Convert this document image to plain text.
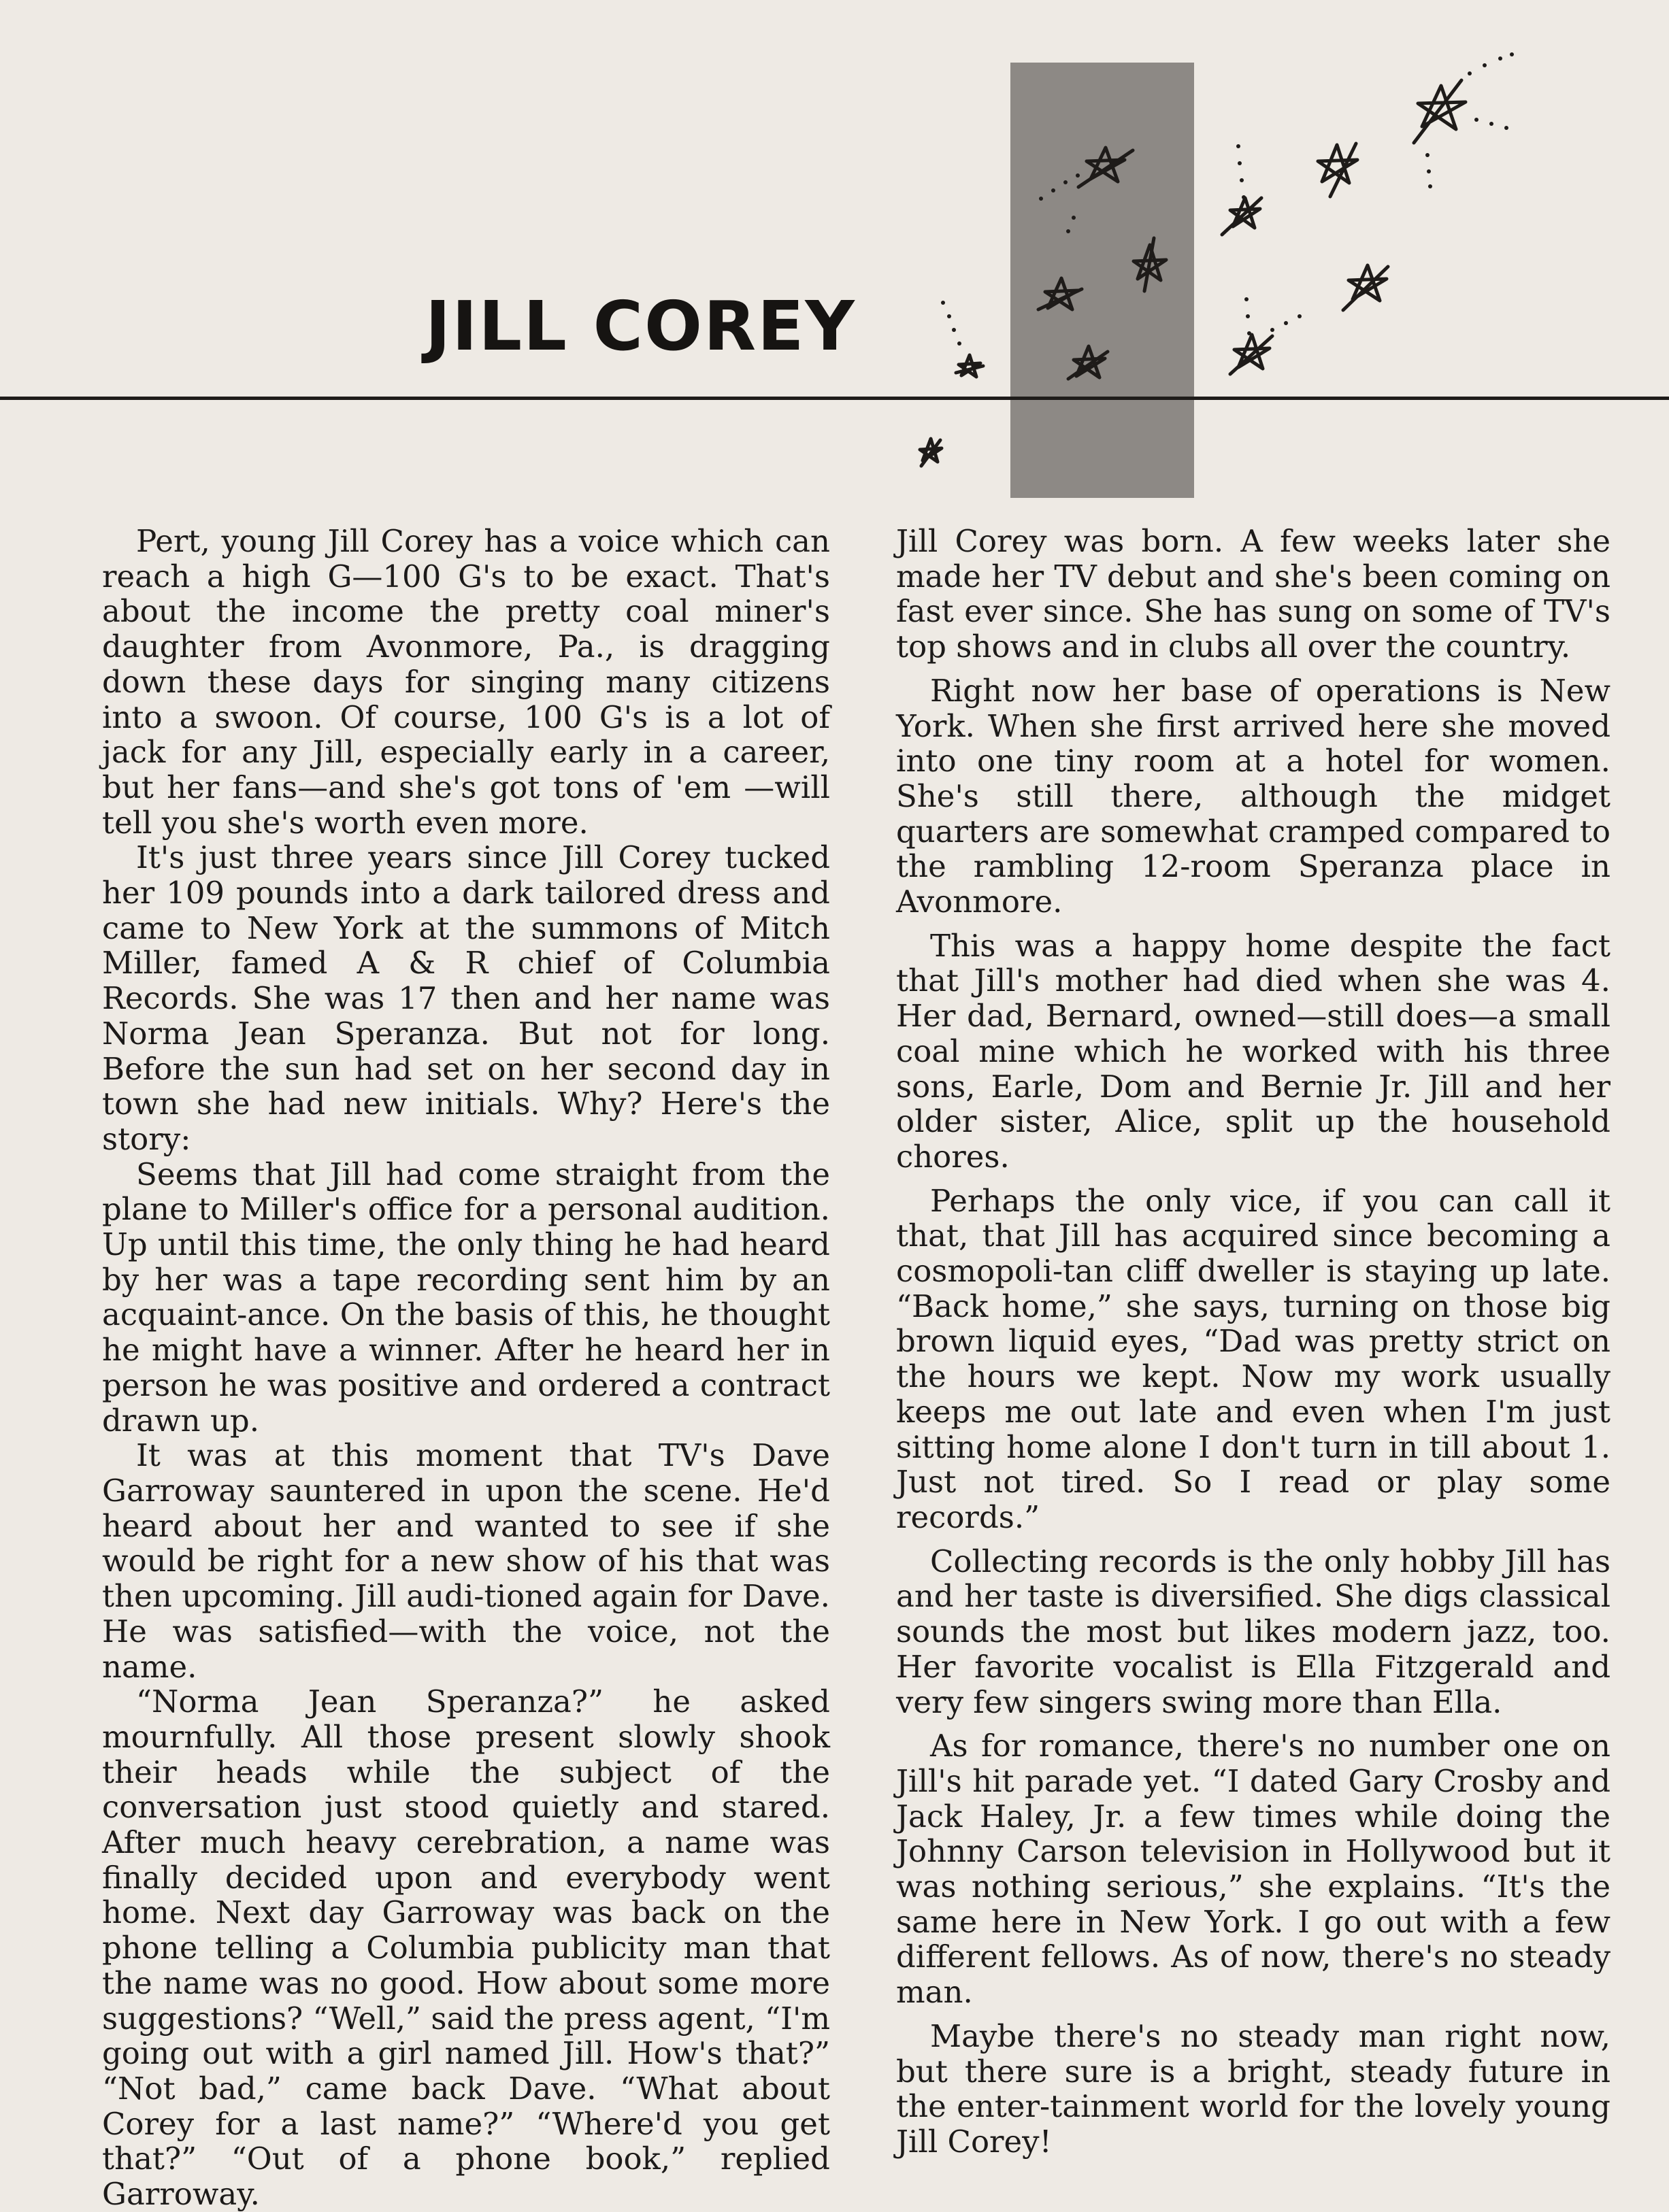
JILL COREY

Pert, young Jill Corey has a voice which can reach a high G—100 G's to be exact. That's about the income the pretty coal miner's daughter from Avonmore, Pa., is dragging down these days for singing many citizens into a swoon. Of course, 100 G's is a lot of jack for any Jill, especially early in a career, but her fans—and she's got tons of 'em —will tell you she's worth even more.

It's just three years since Jill Corey tucked her 109 pounds into a dark tailored dress and came to New York at the summons of Mitch Miller, famed A & R chief of Columbia Records. She was 17 then and her name was Norma Jean Speranza. But not for long. Before the sun had set on her second day in town she had new initials. Why? Here's the story:

Seems that Jill had come straight from the plane to Miller's office for a personal audition. Up until this time, the only thing he had heard by her was a tape recording sent him by an acquaint-ance. On the basis of this, he thought he might have a winner. After he heard her in person he was positive and ordered a contract drawn up.

It was at this moment that TV's Dave Garroway sauntered in upon the scene. He'd heard about her and wanted to see if she would be right for a new show of his that was then upcoming. Jill audi-tioned again for Dave. He was satisfied—with the voice, not the name.

“Norma Jean Speranza?” he asked mournfully. All those present slowly shook their heads while the subject of the conversation just stood quietly and stared. After much heavy cerebration, a name was finally decided upon and everybody went home. Next day Garroway was back on the phone telling a Columbia publicity man that the name was no good. How about some more suggestions? “Well,” said the press agent, “I'm going out with a girl named Jill. How's that?” “Not bad,” came back Dave. “What about Corey for a last name?” “Where'd you get that?” “Out of a phone book,” replied Garroway.

Jill Corey was born. A few weeks later she made her TV debut and she's been coming on fast ever since. She has sung on some of TV's top shows and in clubs all over the country.

Right now her base of operations is New York. When she first arrived here she moved into one tiny room at a hotel for women. She's still there, although the midget quarters are somewhat cramped compared to the rambling 12-room Speranza place in Avonmore.

This was a happy home despite the fact that Jill's mother had died when she was 4. Her dad, Bernard, owned—still does—a small coal mine which he worked with his three sons, Earle, Dom and Bernie Jr. Jill and her older sister, Alice, split up the household chores.

Perhaps the only vice, if you can call it that, that Jill has acquired since becoming a cosmopoli-tan cliff dweller is staying up late. “Back home,” she says, turning on those big brown liquid eyes, “Dad was pretty strict on the hours we kept. Now my work usually keeps me out late and even when I'm just sitting home alone I don't turn in till about 1. Just not tired. So I read or play some records.”

Collecting records is the only hobby Jill has and her taste is diversified. She digs classical sounds the most but likes modern jazz, too. Her favorite vocalist is Ella Fitzgerald and very few singers swing more than Ella.

As for romance, there's no number one on Jill's hit parade yet. “I dated Gary Crosby and Jack Haley, Jr. a few times while doing the Johnny Carson television in Hollywood but it was nothing serious,” she explains. “It's the same here in New York. I go out with a few different fellows. As of now, there's no steady man.

Maybe there's no steady man right now, but there sure is a bright, steady future in the enter-tainment world for the lovely young Jill Corey!
